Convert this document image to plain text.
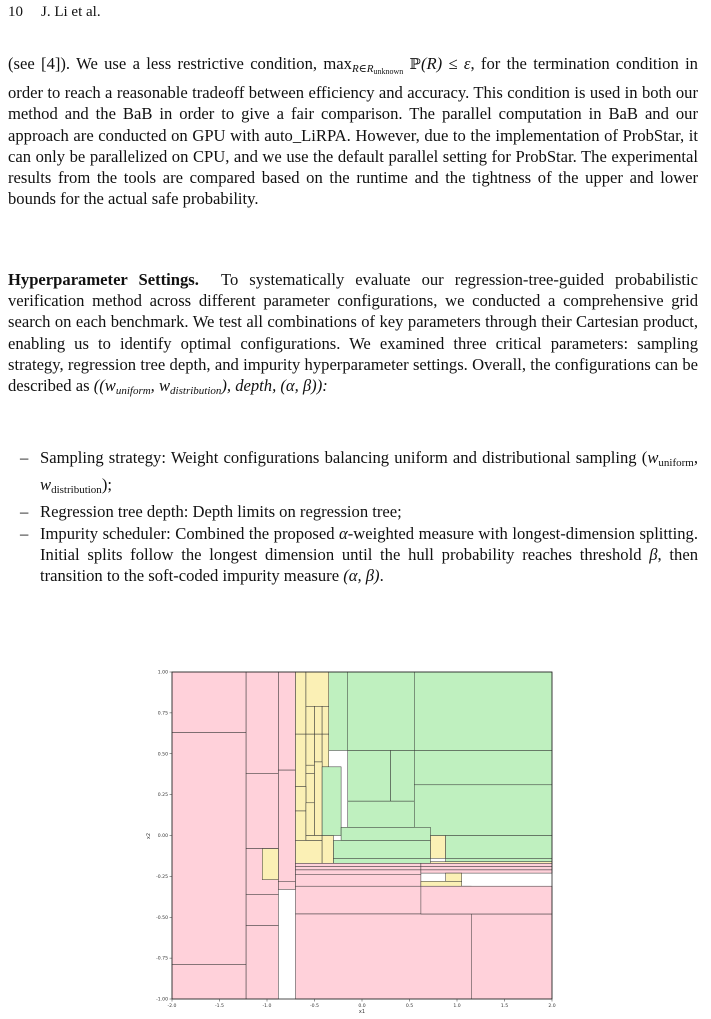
10 J. Li et al.
(see [4]). We use a less restrictive condition, $\max_{R\in Runknown}$ ℙ(R) ≤ ε, for the termination condition in order to reach a reasonable tradeoff between efficiency and accuracy. This condition is used in both our method and the BaB in order to give a fair comparison. The parallel computation in BaB and our approach are conducted on GPU with auto_LiRPA. However, due to the implementation of ProbStar, it can only be parallelized on CPU, and we use the default parallel setting for ProbStar. The experimental results from the tools are compared based on the runtime and the tightness of the upper and lower bounds for the actual safe probability.
Hyperparameter Settings. To systematically evaluate our regression-tree-guided probabilistic verification method across different parameter configurations, we conducted a comprehensive grid search on each benchmark. We test all combinations of key parameters through their Cartesian product, enabling us to identify optimal configurations. We examined three critical parameters: sampling strategy, regression tree depth, and impurity hyperparameter settings. Overall, the configurations can be described as ((wuniform, wdistribution), depth, (α, β)):
– Sampling strategy: Weight configurations balancing uniform and distributional sampling (wuniform, wdistribution);
– Regression tree depth: Depth limits on regression tree;
– Impurity scheduler: Combined the proposed α-weighted measure with longest-dimension splitting. Initial splits follow the longest dimension until the hull probability reaches threshold β, then transition to the soft-coded impurity measure (α, β).
-2.0	-1.5	-1.0	-0.5	0.0	0.5	1.0	1.5	2.0
1.00
0.75
0.50
0.25
0.00
-0.25
-0.50
-0.75
-1.00
x1
x2
